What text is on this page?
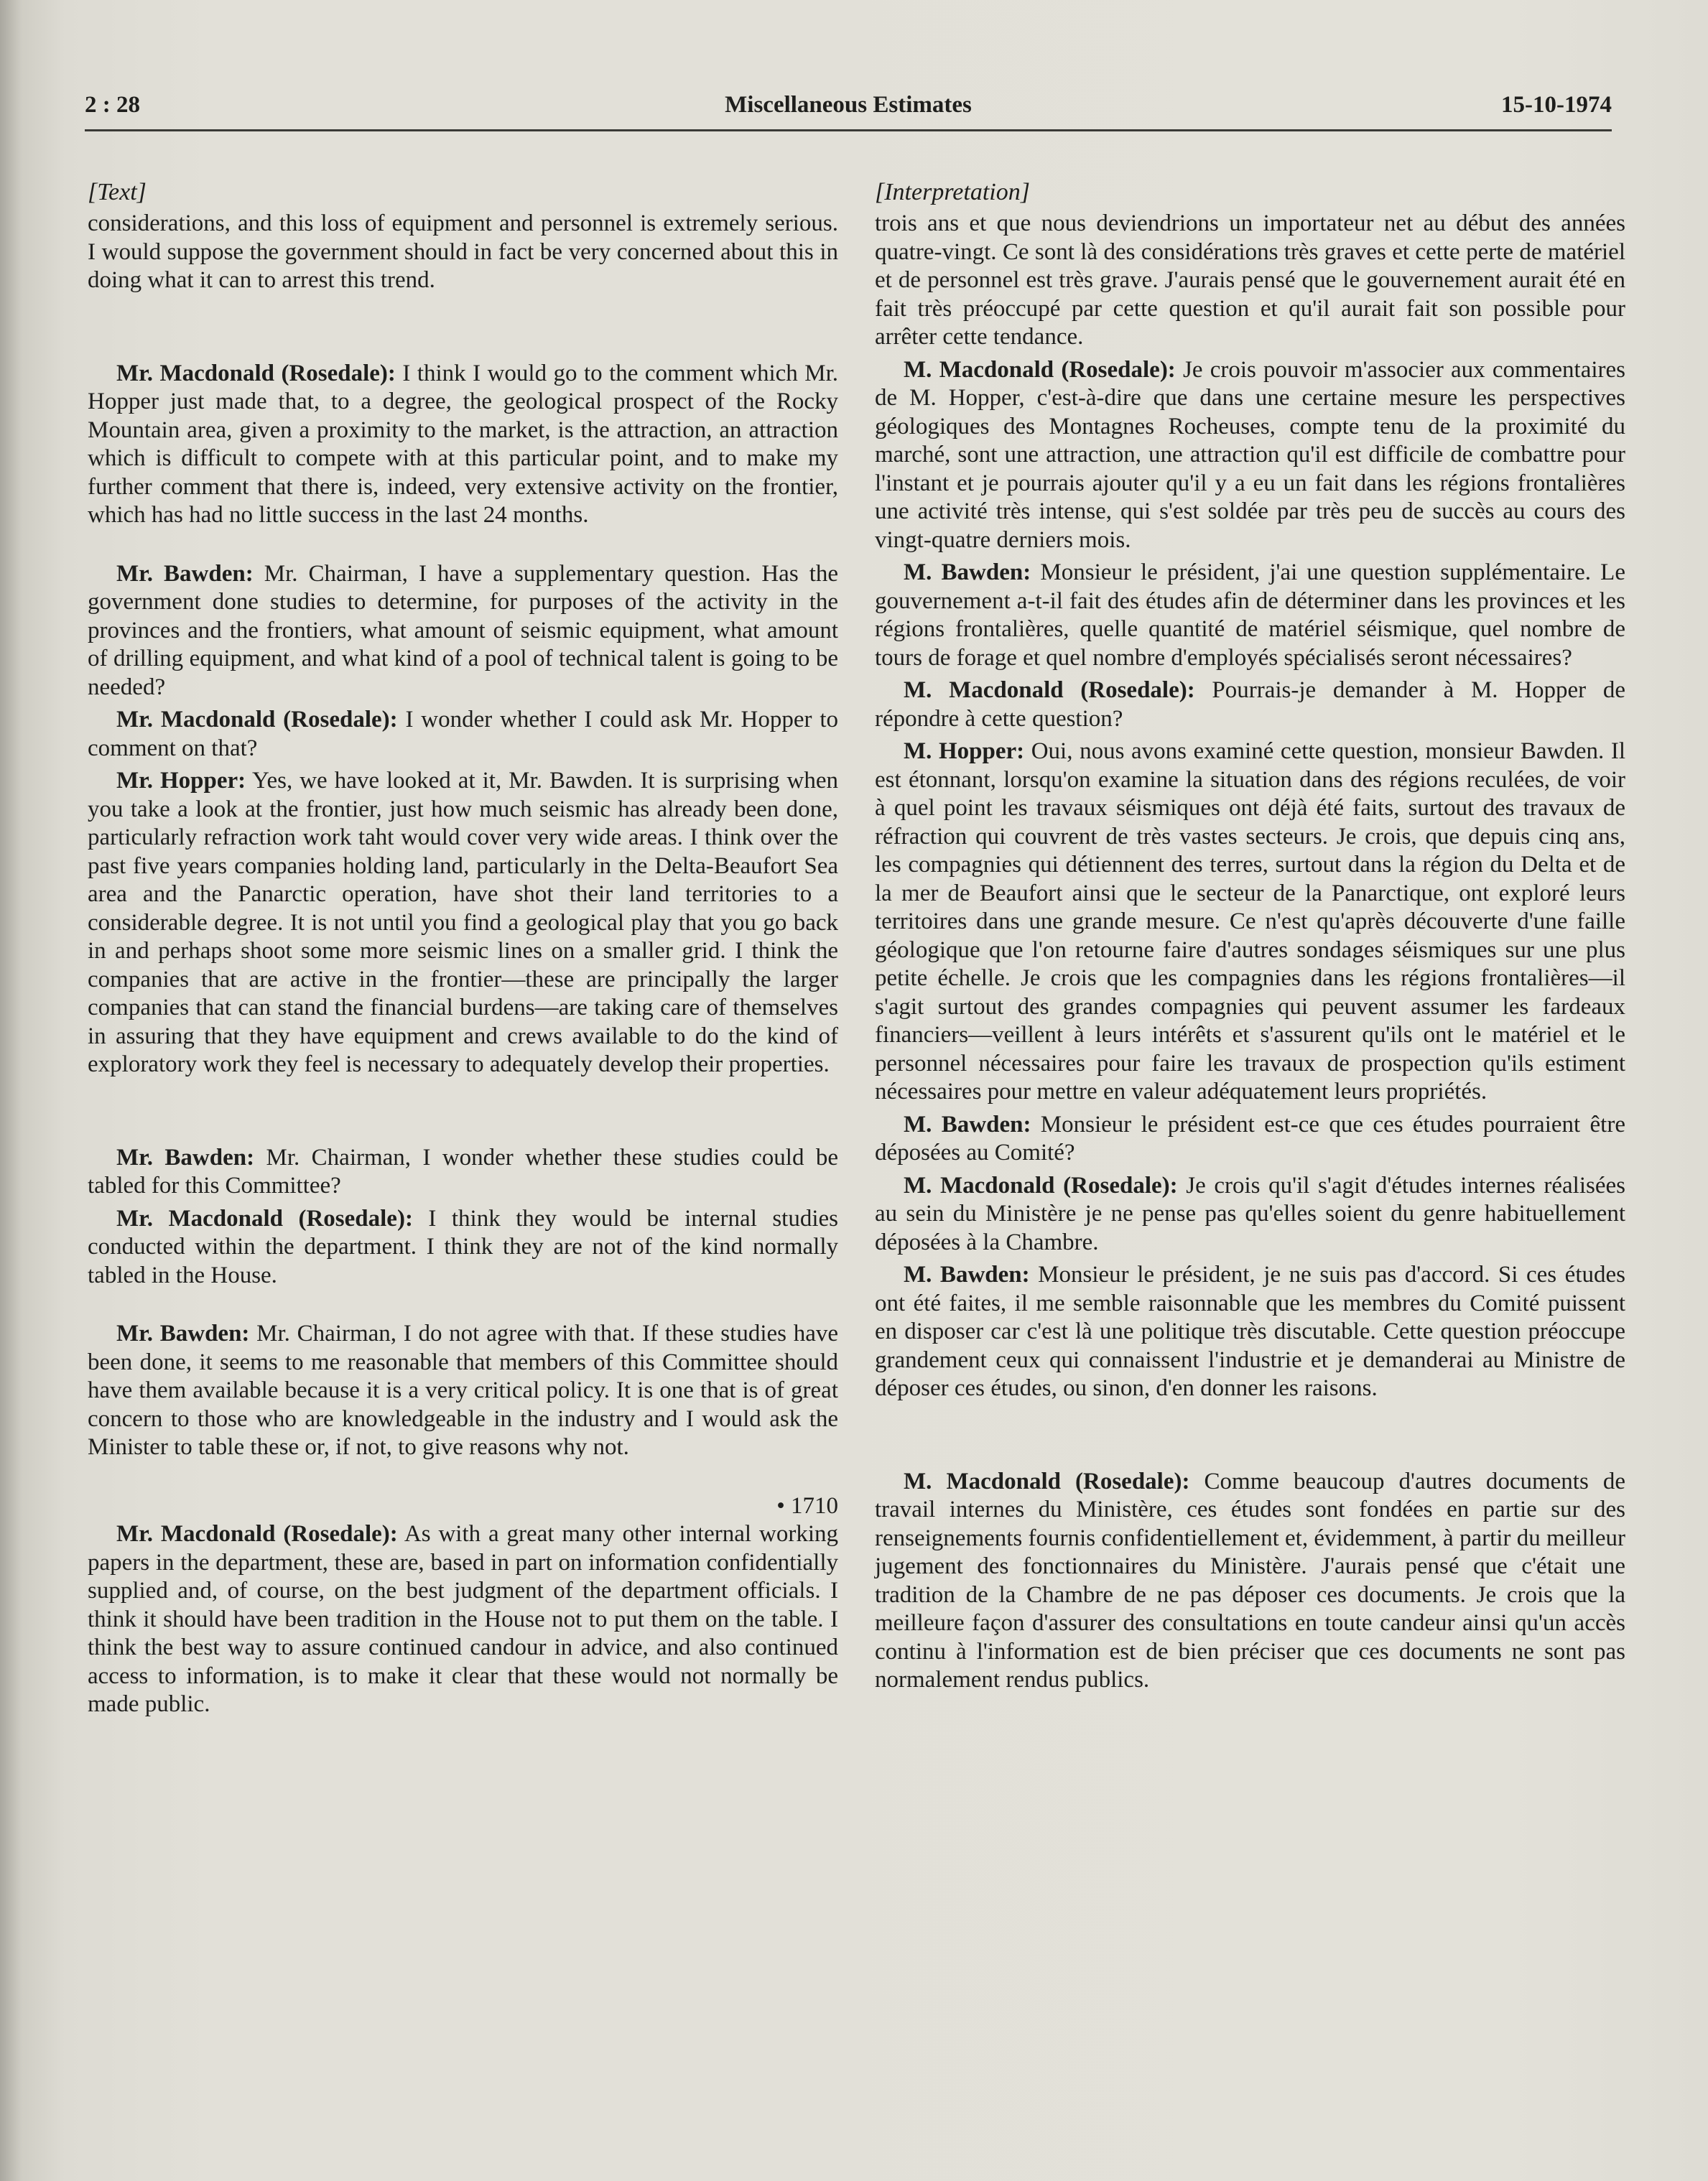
2 : 28	Miscellaneous Estimates	15-10-1974
[Text]

considerations, and this loss of equipment and personnel is extremely serious. I would suppose the government should in fact be very concerned about this in doing what it can to arrest this trend.

Mr. Macdonald (Rosedale): I think I would go to the comment which Mr. Hopper just made that, to a degree, the geological prospect of the Rocky Mountain area, given a proximity to the market, is the attraction, an attraction which is difficult to compete with at this particular point, and to make my further comment that there is, indeed, very extensive activity on the frontier, which has had no little success in the last 24 months.

Mr. Bawden: Mr. Chairman, I have a supplementary question. Has the government done studies to determine, for purposes of the activity in the provinces and the frontiers, what amount of seismic equipment, what amount of drilling equipment, and what kind of a pool of technical talent is going to be needed?

Mr. Macdonald (Rosedale): I wonder whether I could ask Mr. Hopper to comment on that?

Mr. Hopper: Yes, we have looked at it, Mr. Bawden. It is surprising when you take a look at the frontier, just how much seismic has already been done, particularly refraction work taht would cover very wide areas. I think over the past five years companies holding land, particularly in the Delta-Beaufort Sea area and the Panarctic operation, have shot their land territories to a considerable degree. It is not until you find a geological play that you go back in and perhaps shoot some more seismic lines on a smaller grid. I think the companies that are active in the frontier—these are principally the larger companies that can stand the financial burdens—are taking care of themselves in assuring that they have equipment and crews available to do the kind of exploratory work they feel is necessary to adequately develop their properties.

Mr. Bawden: Mr. Chairman, I wonder whether these studies could be tabled for this Committee?

Mr. Macdonald (Rosedale): I think they would be internal studies conducted within the department. I think they are not of the kind normally tabled in the House.

Mr. Bawden: Mr. Chairman, I do not agree with that. If these studies have been done, it seems to me reasonable that members of this Committee should have them available because it is a very critical policy. It is one that is of great concern to those who are knowledgeable in the industry and I would ask the Minister to table these or, if not, to give reasons why not.

• 1710

Mr. Macdonald (Rosedale): As with a great many other internal working papers in the department, these are, based in part on information confidentially supplied and, of course, on the best judgment of the department officials. I think it should have been tradition in the House not to put them on the table. I think the best way to assure continued candour in advice, and also continued access to information, is to make it clear that these would not normally be made public.

[Interpretation]

trois ans et que nous deviendrions un importateur net au début des années quatre-vingt. Ce sont là des considérations très graves et cette perte de matériel et de personnel est très grave. J'aurais pensé que le gouvernement aurait été en fait très préoccupé par cette question et qu'il aurait fait son possible pour arrêter cette tendance.

M. Macdonald (Rosedale): Je crois pouvoir m'associer aux commentaires de M. Hopper, c'est-à-dire que dans une certaine mesure les perspectives géologiques des Montagnes Rocheuses, compte tenu de la proximité du marché, sont une attraction, une attraction qu'il est difficile de combattre pour l'instant et je pourrais ajouter qu'il y a eu un fait dans les régions frontalières une activité très intense, qui s'est soldée par très peu de succès au cours des vingt-quatre derniers mois.

M. Bawden: Monsieur le président, j'ai une question supplémentaire. Le gouvernement a-t-il fait des études afin de déterminer dans les provinces et les régions frontalières, quelle quantité de matériel séismique, quel nombre de tours de forage et quel nombre d'employés spécialisés seront nécessaires?

M. Macdonald (Rosedale): Pourrais-je demander à M. Hopper de répondre à cette question?

M. Hopper: Oui, nous avons examiné cette question, monsieur Bawden. Il est étonnant, lorsqu'on examine la situation dans des régions reculées, de voir à quel point les travaux séismiques ont déjà été faits, surtout des travaux de réfraction qui couvrent de très vastes secteurs. Je crois, que depuis cinq ans, les compagnies qui détiennent des terres, surtout dans la région du Delta et de la mer de Beaufort ainsi que le secteur de la Panarctique, ont exploré leurs territoires dans une grande mesure. Ce n'est qu'après découverte d'une faille géologique que l'on retourne faire d'autres sondages séismiques sur une plus petite échelle. Je crois que les compagnies dans les régions frontalières—il s'agit surtout des grandes compagnies qui peuvent assumer les fardeaux financiers—veillent à leurs intérêts et s'assurent qu'ils ont le matériel et le personnel nécessaires pour faire les travaux de prospection qu'ils estiment nécessaires pour mettre en valeur adéquatement leurs propriétés.

M. Bawden: Monsieur le président est-ce que ces études pourraient être déposées au Comité?

M. Macdonald (Rosedale): Je crois qu'il s'agit d'études internes réalisées au sein du Ministère je ne pense pas qu'elles soient du genre habituellement déposées à la Chambre.

M. Bawden: Monsieur le président, je ne suis pas d'accord. Si ces études ont été faites, il me semble raisonnable que les membres du Comité puissent en disposer car c'est là une politique très discutable. Cette question préoccupe grandement ceux qui connaissent l'industrie et je demanderai au Ministre de déposer ces études, ou sinon, d'en donner les raisons.

M. Macdonald (Rosedale): Comme beaucoup d'autres documents de travail internes du Ministère, ces études sont fondées en partie sur des renseignements fournis confidentiellement et, évidemment, à partir du meilleur jugement des fonctionnaires du Ministère. J'aurais pensé que c'était une tradition de la Chambre de ne pas déposer ces documents. Je crois que la meilleure façon d'assurer des consultations en toute candeur ainsi qu'un accès continu à l'information est de bien préciser que ces documents ne sont pas normalement rendus publics.
